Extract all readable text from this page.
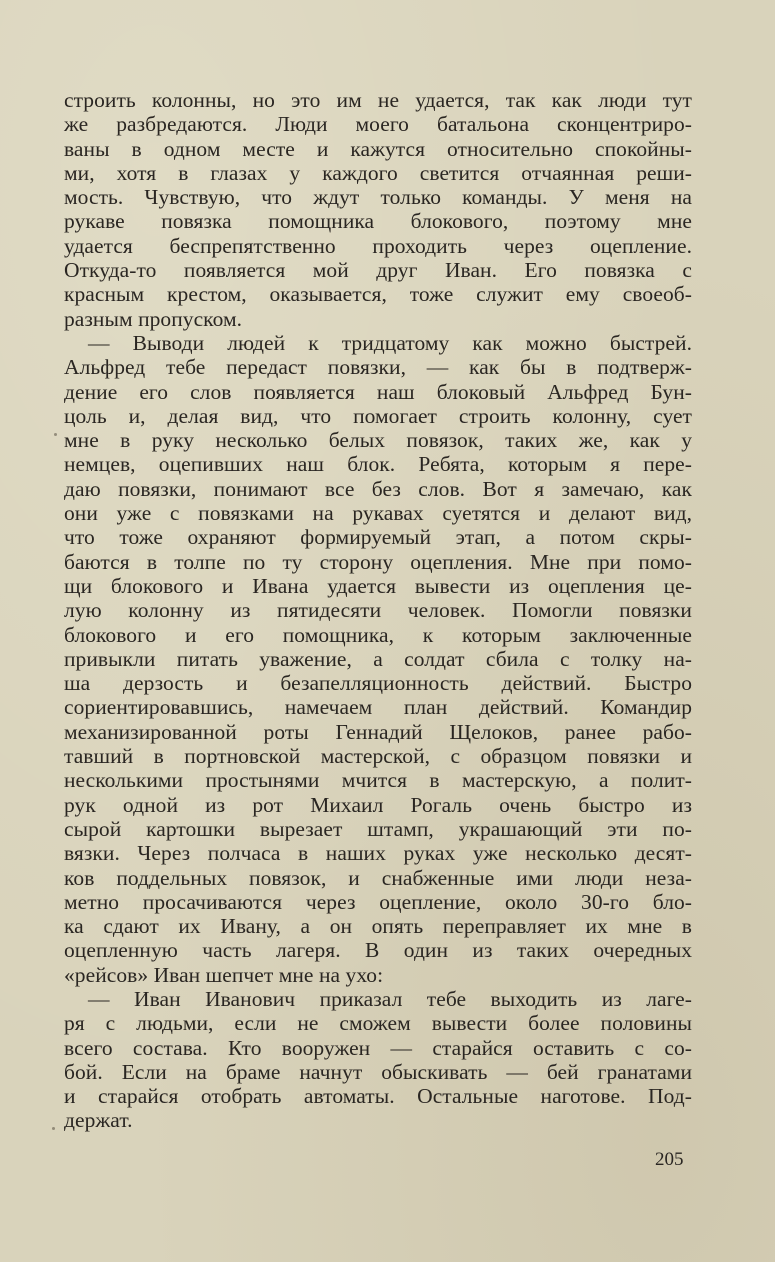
строить колонны, но это им не удается, так как люди тут
же разбредаются. Люди моего батальона сконцентриро-
ваны в одном месте и кажутся относительно спокойны-
ми, хотя в глазах у каждого светится отчаянная реши-
мость. Чувствую, что ждут только команды. У меня на
рукаве повязка помощника блокового, поэтому мне
удается беспрепятственно проходить через оцепление.
Откуда-то появляется мой друг Иван. Его повязка с
красным крестом, оказывается, тоже служит ему своеоб-
разным пропуском.
— Выводи людей к тридцатому как можно быстрей.
Альфред тебе передаст повязки, — как бы в подтверж-
дение его слов появляется наш блоковый Альфред Бун-
цоль и, делая вид, что помогает строить колонну, сует
мне в руку несколько белых повязок, таких же, как у
немцев, оцепивших наш блок. Ребята, которым я пере-
даю повязки, понимают все без слов. Вот я замечаю, как
они уже с повязками на рукавах суетятся и делают вид,
что тоже охраняют формируемый этап, а потом скры-
баются в толпе по ту сторону оцепления. Мне при помо-
щи блокового и Ивана удается вывести из оцепления це-
лую колонну из пятидесяти человек. Помогли повязки
блокового и его помощника, к которым заключенные
привыкли питать уважение, а солдат сбила с толку на-
ша дерзость и безапелляционность действий. Быстро
сориентировавшись, намечаем план действий. Командир
механизированной роты Геннадий Щелоков, ранее рабо-
тавший в портновской мастерской, с образцом повязки и
несколькими простынями мчится в мастерскую, а полит-
рук одной из рот Михаил Рогаль очень быстро из
сырой картошки вырезает штамп, украшающий эти по-
вязки. Через полчаса в наших руках уже несколько десят-
ков поддельных повязок, и снабженные ими люди неза-
метно просачиваются через оцепление, около 30-го бло-
ка сдают их Ивану, а он опять переправляет их мне в
оцепленную часть лагеря. В один из таких очередных
«рейсов» Иван шепчет мне на ухо:
— Иван Иванович приказал тебе выходить из лаге-
ря с людьми, если не сможем вывести более половины
всего состава. Кто вооружен — старайся оставить с со-
бой. Если на браме начнут обыскивать — бей гранатами
и старайся отобрать автоматы. Остальные наготове. Под-
держат.
205
